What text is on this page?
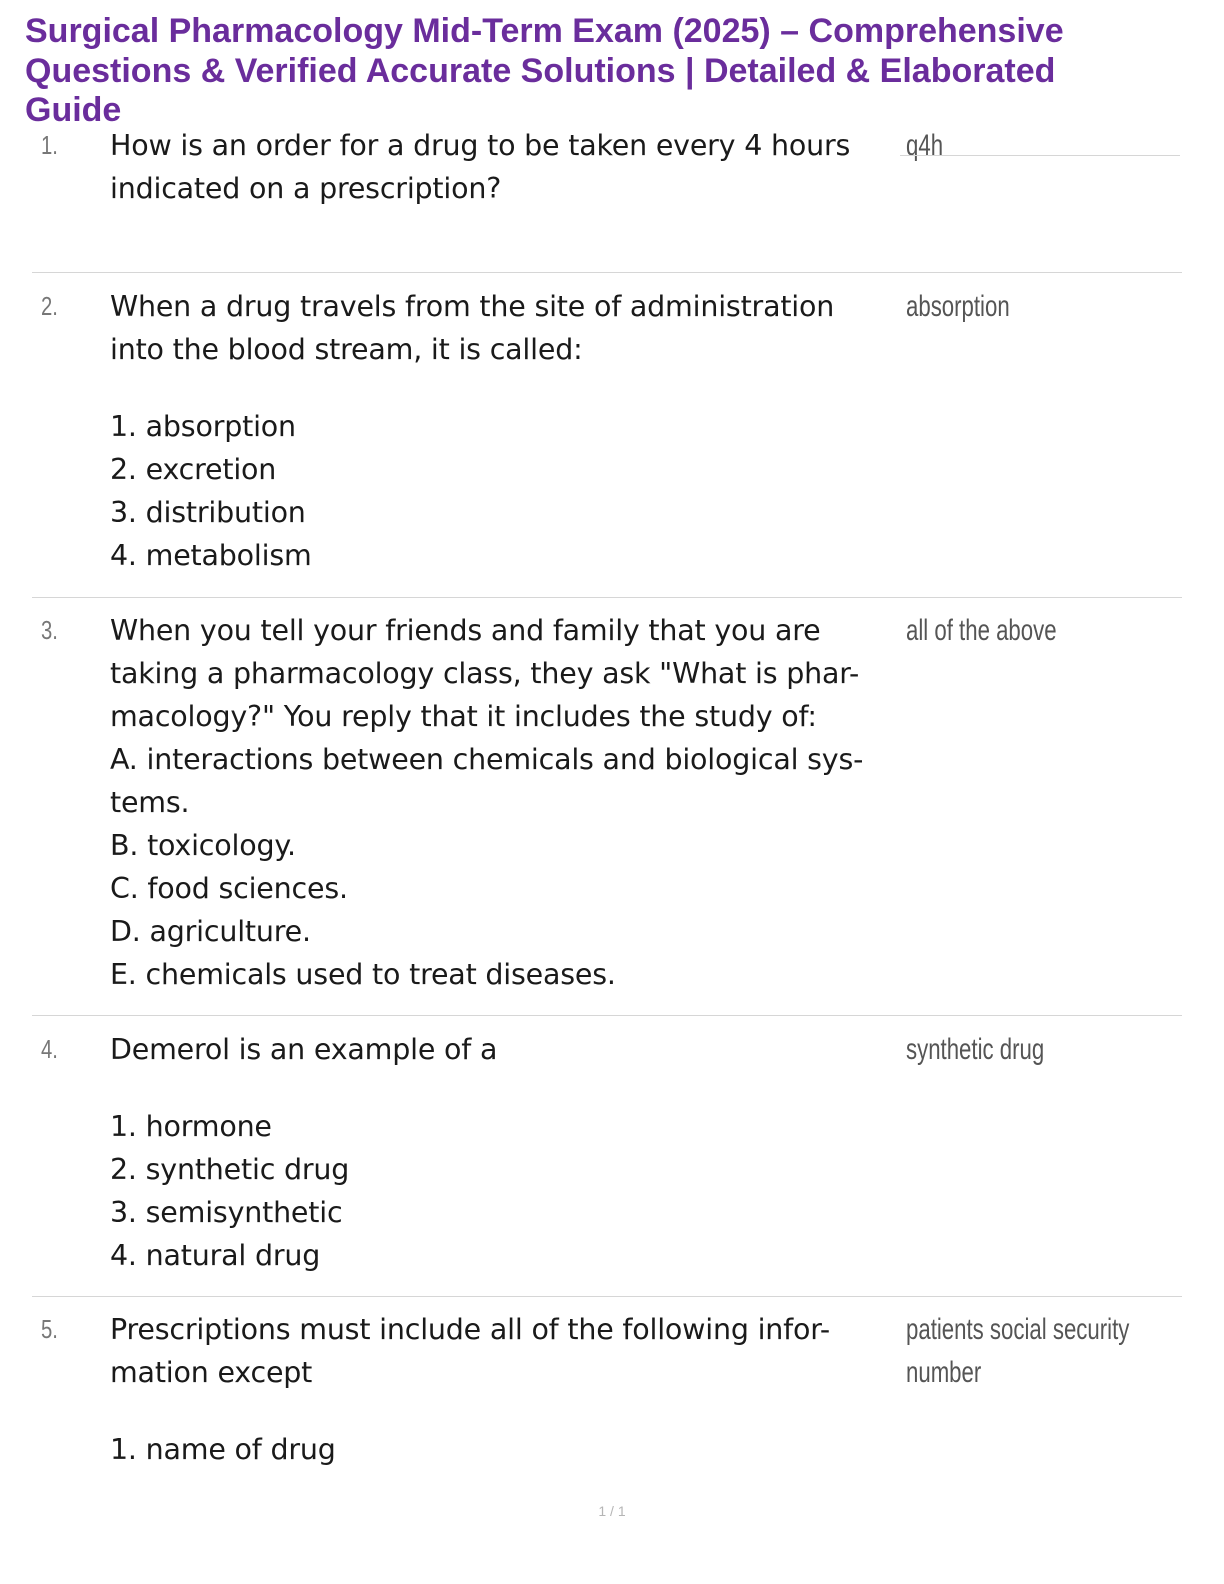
Surgical Pharmacology Mid-Term Exam (2025) – Comprehensive
Questions & Verified Accurate Solutions | Detailed & Elaborated
Guide
1. How is an order for a drug to be taken every 4 hours
indicated on a prescription?
q4h
2. When a drug travels from the site of administration
into the blood stream, it is called:
1. absorption
2. excretion
3. distribution
4. metabolism
absorption
3. When you tell your friends and family that you are
taking a pharmacology class, they ask "What is phar-
macology?" You reply that it includes the study of:
A. interactions between chemicals and biological sys-
tems.
B. toxicology.
C. food sciences.
D. agriculture.
E. chemicals used to treat diseases.
all of the above
4. Demerol is an example of a
1. hormone
2. synthetic drug
3. semisynthetic
4. natural drug
synthetic drug
5. Prescriptions must include all of the following infor-
mation except
1. name of drug
patients social security
number
1 / 1
